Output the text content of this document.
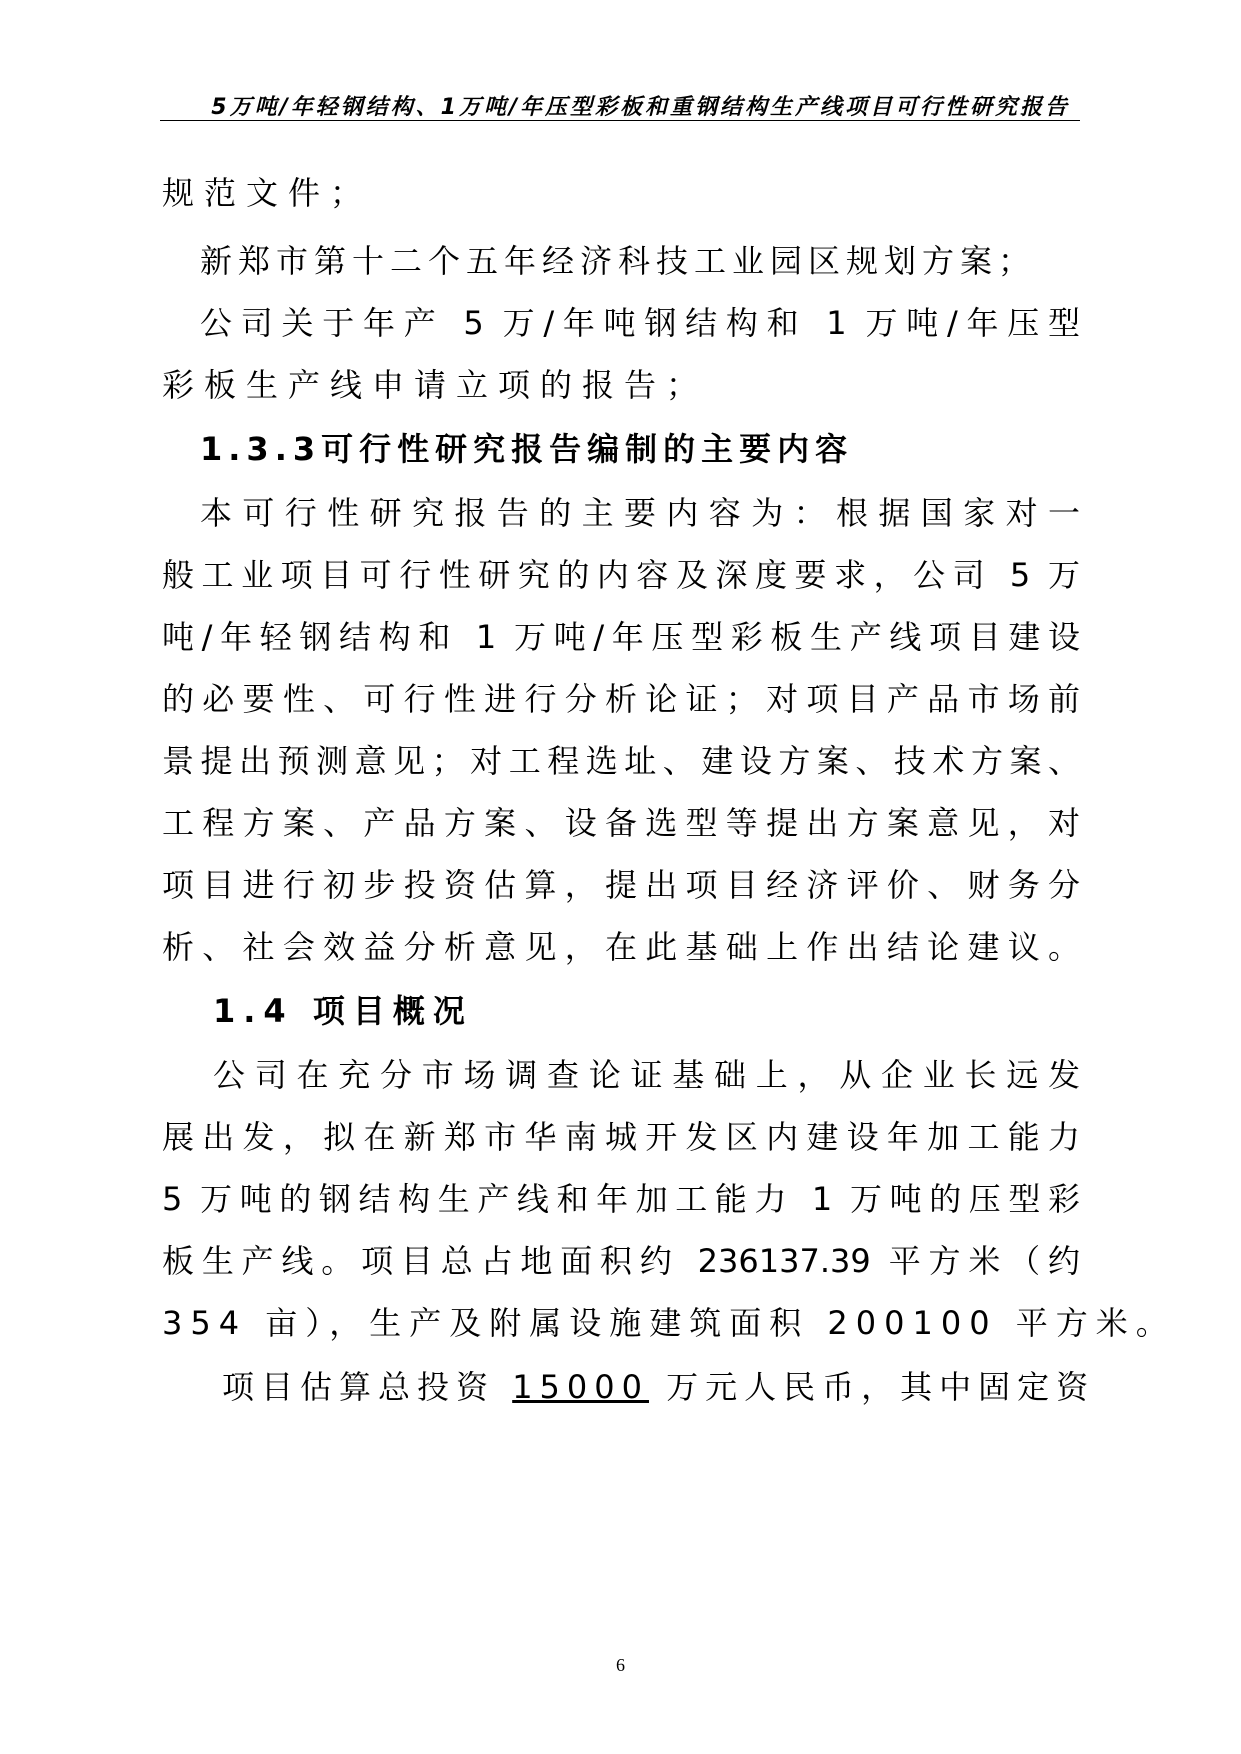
5万吨/年轻钢结构、1万吨/年压型彩板和重钢结构生产线项目可行性研究报告
规范文件；
新郑市第十二个五年经济科技工业园区规划方案；
公司关于年产 5 万/年吨钢结构和 1 万吨/年压型
彩板生产线申请立项的报告；
1.3.3可行性研究报告编制的主要内容
本可行性研究报告的主要内容为：根据国家对一
般工业项目可行性研究的内容及深度要求，公司 5 万
吨/年轻钢结构和 1 万吨/年压型彩板生产线项目建设
的必要性、可行性进行分析论证；对项目产品市场前
景提出预测意见；对工程选址、建设方案、技术方案、
工程方案、产品方案、设备选型等提出方案意见，对
项目进行初步投资估算，提出项目经济评价、财务分
析、社会效益分析意见，在此基础上作出结论建议。
1.4 项目概况
公司在充分市场调查论证基础上，从企业长远发
展出发，拟在新郑市华南城开发区内建设年加工能力
5 万吨的钢结构生产线和年加工能力 1 万吨的压型彩
板生产线。项目总占地面积约 236137.39 平方米（约
354 亩），生产及附属设施建筑面积 200100 平方米。
项目估算总投资 15000 万元人民币，其中固定资
6
